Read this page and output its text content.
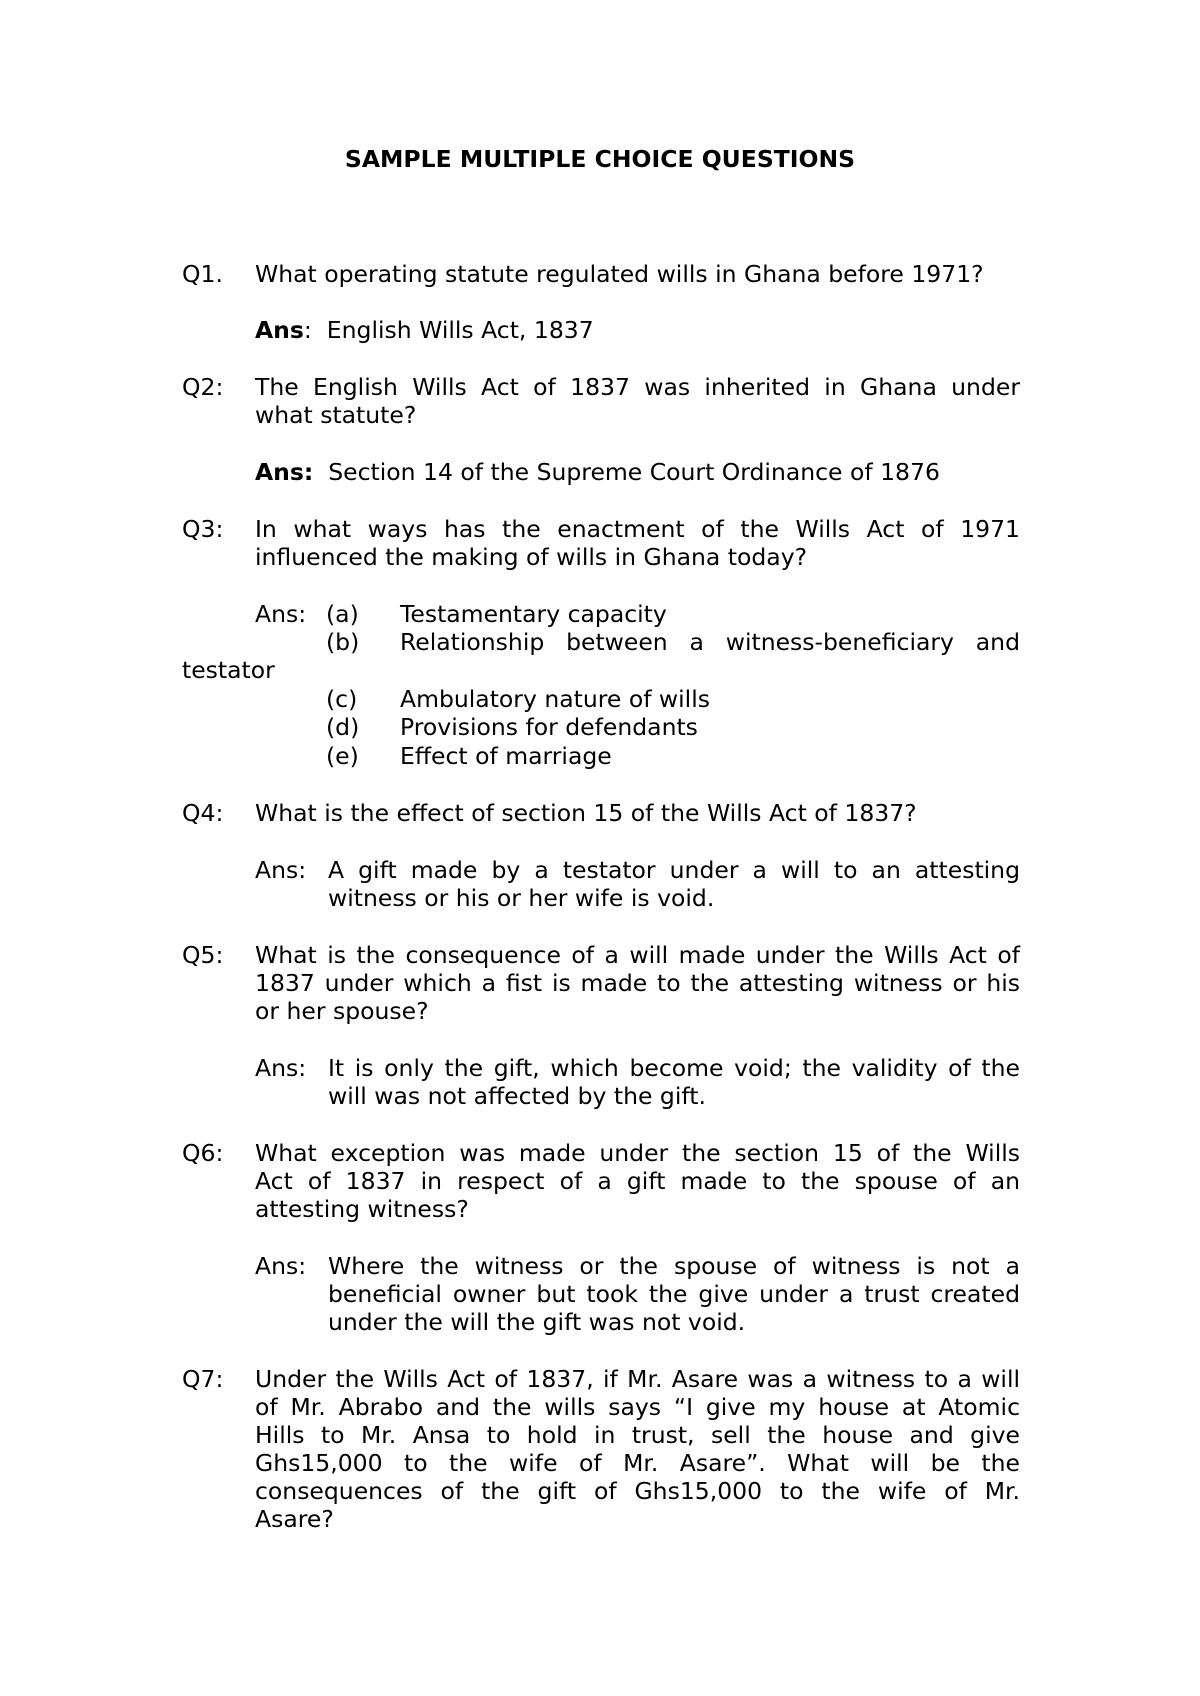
SAMPLE MULTIPLE CHOICE QUESTIONS
Q1. What operating statute regulated wills in Ghana before 1971?
Ans: English Wills Act, 1837
Q2: The English Wills Act of 1837 was inherited in Ghana under
what statute?
Ans: Section 14 of the Supreme Court Ordinance of 1876
Q3: In what ways has the enactment of the Wills Act of 1971
influenced the making of wills in Ghana today?
Ans: (a) Testamentary capacity
(b) Relationship between a witness-beneficiary and
testator
(c) Ambulatory nature of wills
(d) Provisions for defendants
(e) Effect of marriage
Q4: What is the effect of section 15 of the Wills Act of 1837?
Ans: A gift made by a testator under a will to an attesting
witness or his or her wife is void.
Q5: What is the consequence of a will made under the Wills Act of
1837 under which a fist is made to the attesting witness or his
or her spouse?
Ans: It is only the gift, which become void; the validity of the
will was not affected by the gift.
Q6: What exception was made under the section 15 of the Wills
Act of 1837 in respect of a gift made to the spouse of an
attesting witness?
Ans: Where the witness or the spouse of witness is not a
beneficial owner but took the give under a trust created
under the will the gift was not void.
Q7: Under the Wills Act of 1837, if Mr. Asare was a witness to a will
of Mr. Abrabo and the wills says “I give my house at Atomic
Hills to Mr. Ansa to hold in trust, sell the house and give
Ghs15,000 to the wife of Mr. Asare”. What will be the
consequences of the gift of Ghs15,000 to the wife of Mr.
Asare?
